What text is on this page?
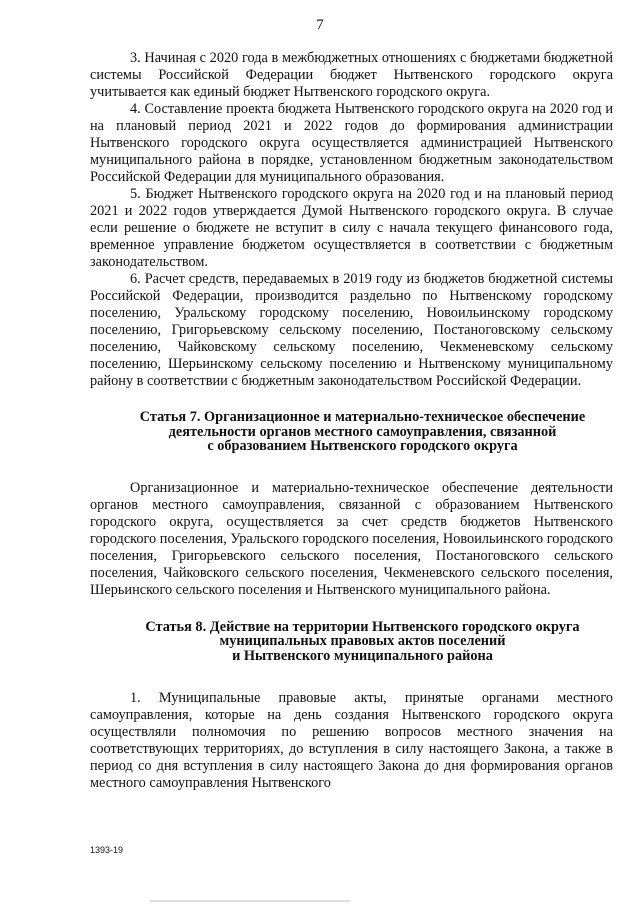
7

3. Начиная с 2020 года в межбюджетных отношениях с бюджетами бюджетной системы Российской Федерации бюджет Нытвенского городского округа учитывается как единый бюджет Нытвенского городского округа.

4. Составление проекта бюджета Нытвенского городского округа на 2020 год и на плановый период 2021 и 2022 годов до формирования администрации Нытвенского городского округа осуществляется администрацией Нытвенского муниципального района в порядке, установленном бюджетным законодательством Российской Федерации для муниципального образования.

5. Бюджет Нытвенского городского округа на 2020 год и на плановый период 2021 и 2022 годов утверждается Думой Нытвенского городского округа. В случае если решение о бюджете не вступит в силу с начала текущего финансового года, временное управление бюджетом осуществляется в соответствии с бюджетным законодательством.

6. Расчет средств, передаваемых в 2019 году из бюджетов бюджетной системы Российской Федерации, производится раздельно по Нытвенскому городскому поселению, Уральскому городскому поселению, Новоильинскому городскому поселению, Григорьевскому сельскому поселению, Постаноговскому сельскому поселению, Чайковскому сельскому поселению, Чекменевскому сельскому поселению, Шерьинскому сельскому поселению и Нытвенскому муниципальному району в соответствии с бюджетным законодательством Российской Федерации.

Статья 7. Организационное и материально-техническое обеспечение
деятельности органов местного самоуправления, связанной
с образованием Нытвенского городского округа

Организационное и материально-техническое обеспечение деятельности органов местного самоуправления, связанной с образованием Нытвенского городского округа, осуществляется за счет средств бюджетов Нытвенского городского поселения, Уральского городского поселения, Новоильинского городского поселения, Григорьевского сельского поселения, Постаноговского сельского поселения, Чайковского сельского поселения, Чекменевского сельского поселения, Шерьинского сельского поселения и Нытвенского муниципального района.

Статья 8. Действие на территории Нытвенского городского округа
муниципальных правовых актов поселений
и Нытвенского муниципального района

1. Муниципальные правовые акты, принятые органами местного самоуправления, которые на день создания Нытвенского городского округа осуществляли полномочия по решению вопросов местного значения на соответствующих территориях, до вступления в силу настоящего Закона, а также в период со дня вступления в силу настоящего Закона до дня формирования органов местного самоуправления Нытвенского

1393-19
